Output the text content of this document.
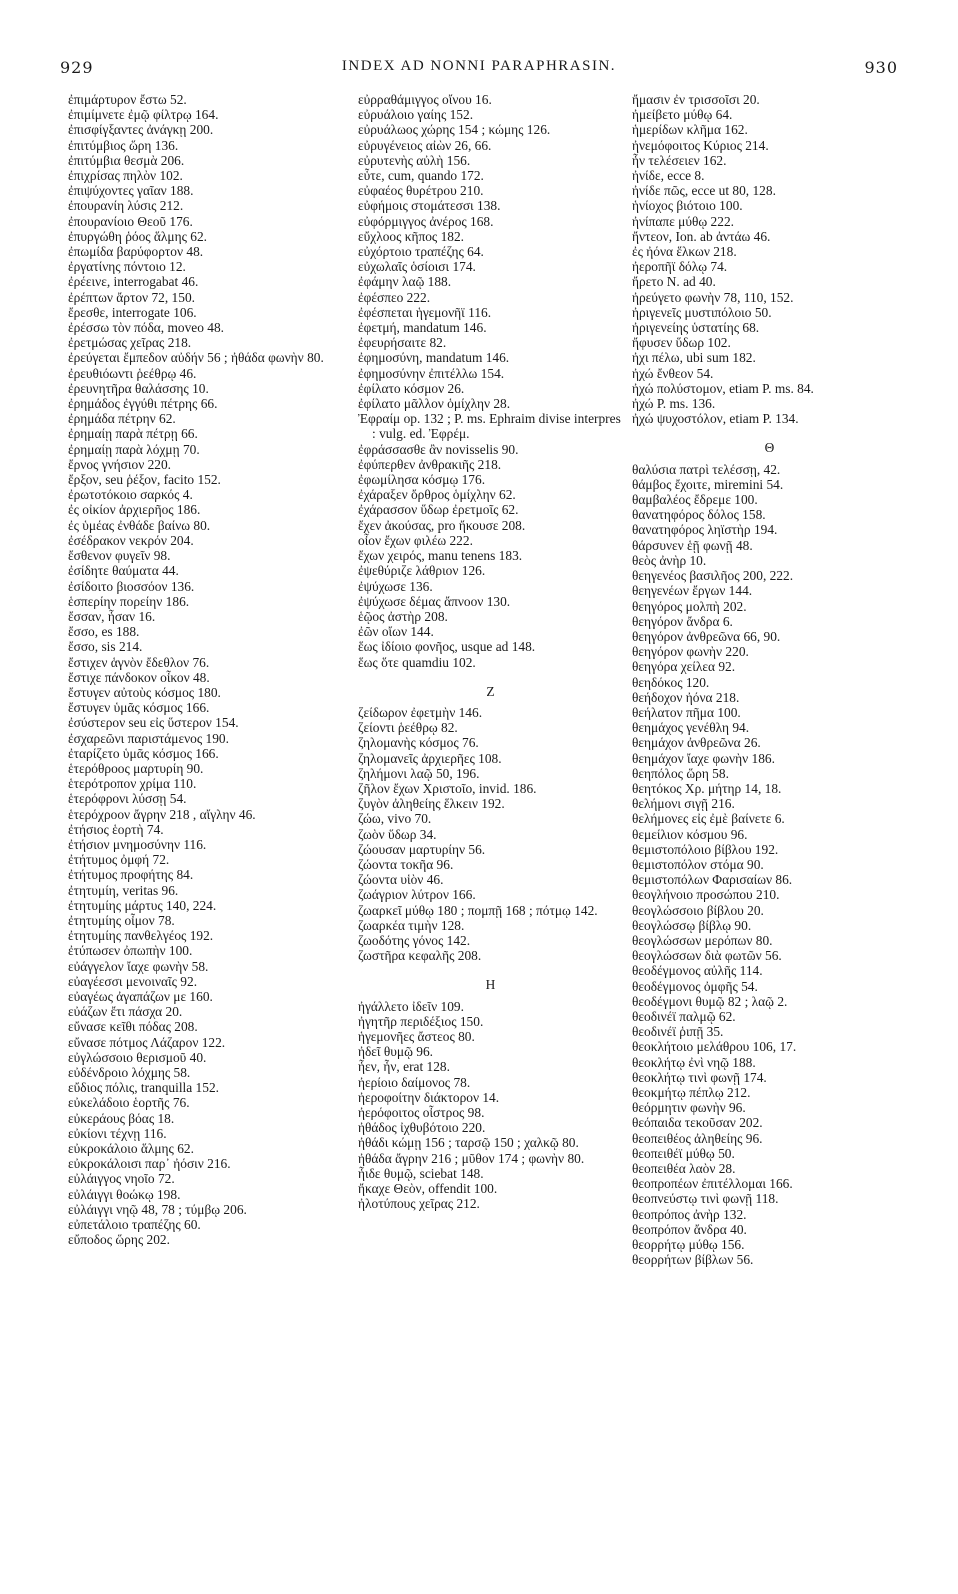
929	INDEX AD NONNI PARAPHRASIN.	930
ἐπιμάρτυρον ἔστω 52.
ἐπιμίμνετε ἐμῷ φίλτρῳ 164.
ἐπισφίγξαντες ἀνάγκῃ 200.
ἐπιτύμβιος ὥρη 136.
ἐπιτύμβια θεσμὰ 206.
ἐπιχρίσας πηλὸν 102.
ἐπιψύχοντες γαῖαν 188.
ἐπουρανίη λύσις 212.
ἐπουρανίοιο Θεοῦ 176.
ἐπυργώθη ῥόος ἅλμης 62.
ἐπωμίδα βαρύφορτον 48.
ἐργατίνης πόντοιο 12.
ἐρέεινε, interrogabat 46.
ἐρέπτων ἄρτον 72, 150.
ἔρεσθε, interrogate 106.
ἐρέσσω τὸν πόδα, moveo 48.
ἐρετμώσας χεῖρας 218.
ἐρεύγεται ἔμπεδον αὐδήν 56 ; ἠθάδα φωνὴν 80.
ἐρευθιόωντι ῥεέθρῳ 46.
ἐρευνητῆρα θαλάσσης 10.
ἐρημάδος ἐγγύθι πέτρης 66.
ἐρημάδα πέτρην 62.
ἐρημαίῃ παρὰ πέτρῃ 66.
ἐρημαίῃ παρὰ λόχμῃ 70.
ἔρνος γνήσιον 220.
ἔρξον, seu ῥέξον, facito 152.
ἐρωτοτόκοιο σαρκός 4.
ἐς οἰκίον ἀρχιερῆος 186.
ἐς ὑμέας ἐνθάδε βαίνω 80.
ἐσέδρακον νεκρόν 204.
ἔσθενον φυγεῖν 98.
ἐσίδητε θαύματα 44.
ἐσίδοιτο βιοσσόον 136.
ἑσπερίην πορείην 186.
ἔσσαν, ἦσαν 16.
ἔσσο, es 188.
ἔσσο, sis 214.
ἔστιχεν ἁγνὸν ἔδεθλον 76.
ἔστιχε πάνδοκον οἶκον 48.
ἔστυγεν αὐτοὺς κόσμος 180.
ἔστυγεν ὑμᾶς κόσμος 166.
ἐσύστερον seu εἰς ὕστερον 154.
ἐσχαρεῶνι παριστάμενος 190.
ἐταρίζετο ὑμᾶς κόσμος 166.
ἑτερόθροος μαρτυρίη 90.
ἑτερότροπον χρίμα 110.
ἑτερόφρονι λύσσῃ 54.
ἑτερόχροον ἄγρην 218 , αἴγλην 46.
ἐτήσιος ἑορτὴ 74.
ἐτήσιον μνημοσύνην 116.
ἐτήτυμος ὀμφή 72.
ἐτήτυμος προφήτης 84.
ἐτητυμίη, veritas 96.
ἐτητυμίης μάρτυς 140, 224.
ἐτητυμίης οἶμον 78.
ἐτητυμίης πανθελγέος 192.
ἐτύπωσεν ὀπωπὴν 100.
εὐάγγελον ἴαχε φωνὴν 58.
εὐαγέεσσι μενοιναῖς 92.
εὐαγέως ἀγαπάζων με 160.
εὐάζων ἔτι πάσχα 20.
εὔνασε κεῖθι πόδας 208.
εὔνασε πότμος Λάζαρον 122.
εὐγλώσσοιο θερισμοῦ 40.
εὐδένδροιο λόχμης 58.
εὔδιος πόλις, tranquilla 152.
εὐκελάδοιο ἑορτῆς 76.
εὐκεράους βόας 18.
εὐκίονι τέχνῃ 116.
εὐκροκάλοιο ἅλμης 62.
εὐκροκάλοισι παρ᾽ ἠόσιν 216.
εὐλάιγγος νηοῖο 72.
εὐλάιγγι θοώκῳ 198.
εὐλάιγγι νηῷ 48, 78 ; τύμβῳ 206.
εὐπετάλοιο τραπέζης 60.
εὔποδος ὥρης 202.
εὐρραθάμιγγος οἴνου 16.
εὐρυάλοιο γαίης 152.
εὐρυάλωος χώρης 154 ; κώμης 126.
εὐρυγένειος αἰὼν 26, 66.
εὐρυτενὴς αὐλὴ 156.
εὖτε, cum, quando 172.
εὐφαέος θυρέτρου 210.
εὐφήμοις στομάτεσσι 138.
εὐφόρμιγγος ἀνέρος 168.
εὔχλοος κῆπος 182.
εὐχόρτοιο τραπέζης 64.
εὐχωλαῖς ὁσίοισι 174.
ἐφάμην λαῷ 188.
ἐφέσπεο 222.
ἐφέσπεται ἡγεμονῆϊ 116.
ἐφετμή, mandatum 146.
ἐφευρήσαιτε 82.
ἐφημοσύνη, mandatum 146.
ἐφημοσύνην ἐπιτέλλω 154.
ἐφίλατο κόσμον 26.
ἐφίλατο μᾶλλον ὁμίχλην 28.
Ἐφραίμ op. 132 ; P. ms. Ephraim divise interpres : vulg. ed. Ἐφρέμ.
ἐφράσσασθε ἂν novisselis 90.
ἐφύπερθεν ἀνθρακιῆς 218.
ἐφωμίλησα κόσμῳ 176.
ἐχάραξεν ὄρθρος ὁμίχλην 62.
ἐχάρασσον ὕδωρ ἐρετμοῖς 62.
ἔχεν ἀκούσας, pro ἤκουσε 208.
οἶον ἔχων φιλέω 222.
ἔχων χειρός, manu tenens 183.
ἐψεθύριζε λάθριον 126.
ἐψύχωσε 136.
ἐψύχωσε δέμας ἄπνοον 130.
ἑῷος ἀστὴρ 208.
ἐῶν οἴων 144.
ἕως ἰδίοιο φονῆος, usque ad 148.
ἕως ὅτε quamdiu 102.
Z
ζείδωρον ἐφετμὴν 146.
ζείοντι ῥεέθρῳ 82.
ζηλομανὴς κόσμος 76.
ζηλομανεῖς ἀρχιερῆες 108.
ζηλήμονι λαῷ 50, 196.
ζῆλον ἔχων Χριστοῖο, invid. 186.
ζυγὸν ἀληθείης ἕλκειν 192.
ζώω, vivo 70.
ζωὸν ὕδωρ 34.
ζώουσαν μαρτυρίην 56.
ζώοντα τοκῆα 96.
ζώοντα υἱὸν 46.
ζωάγριον λύτρον 166.
ζωαρκεῖ μύθῳ 180 ; πομπῇ 168 ; πότμῳ 142.
ζωαρκέα τιμὴν 128.
ζωοδότης γόνος 142.
ζωστῆρα κεφαλῆς 208.
H
ἠγάλλετο ἰδεῖν 109.
ἠγητῆρ περιδέξιος 150.
ἡγεμονῆες ἄστεος 80.
ἠδεῖ θυμῷ 96.
ἦεν, ἦν, erat 128.
ἠερίοιο δαίμονος 78.
ἠεροφοίτην διάκτορον 14.
ἠερόφοιτος οἶστρος 98.
ἠθάδος ἰχθυβότοιο 220.
ἠθάδι κώμῃ 156 ; ταρσῷ 150 ; χαλκῷ 80.
ἠθάδα ἄγρην 216 ; μῦθον 174 ; φωνὴν 80.
ἦιδε θυμῷ, sciebat 148.
ἤκαχε Θεὸν, offendit 100.
ἠλοτύπους χεῖρας 212.
ἤμασιν ἐν τρισσοῖσι 20.
ἠμείβετο μύθῳ 64.
ἡμερίδων κλῆμα 162.
ἠνεμόφοιτος Κύριος 214.
ἦν τελέσειεν 162.
ἠνίδε, ecce 8.
ἠνίδε πῶς, ecce ut 80, 128.
ἡνίοχος βιότοιο 100.
ἠνίπαπε μύθῳ 222.
ἤντεον, Ion. ab ἀντάω 46.
ἐς ἠόνα ἕλκων 218.
ἠεροπῆϊ δόλῳ 74.
ἤρετο N. ad 40.
ἠρεύγετο φωνὴν 78, 110, 152.
ἠριγενεῖς μυστιπόλοιο 50.
ἠριγενείης ὑστατίης 68.
ἤφυσεν ὕδωρ 102.
ἠχι πέλω, ubi sum 182.
ἠχώ ἔνθεον 54.
ἠχώ πολύστομον, etiam P. ms. 84.
ἠχώ P. ms. 136.
ἠχώ ψυχοστόλον, etiam P. 134.
Θ
θαλύσια πατρὶ τελέσσῃ, 42.
θάμβος ἔχοιτε, miremini 54.
θαμβαλέος ἔδρεμε 100.
θανατηφόρος δόλος 158.
θανατηφόρος ληϊστὴρ 194.
θάρσυνεν ἑῇ φωνῇ 48.
θεὸς ἀνὴρ 10.
θεηγενέος βασιλῆος 200, 222.
θεηγενέων ἔργων 144.
θεηγόρος μολπὴ 202.
θεηγόρον ἄνδρα 6.
θεηγόρον ἀνθρεῶνα 66, 90.
θεηγόρον φωνὴν 220.
θεηγόρα χείλεα 92.
θεηδόκος 120.
θεήδοχον ἠόνα 218.
θεήλατον πῆμα 100.
θεημάχος γενέθλη 94.
θεημάχον ἀνθρεῶνα 26.
θεημάχον ἴαχε φωνὴν 186.
θεηπόλος ὥρη 58.
θεητόκος Χρ. μήτηρ 14, 18.
θελήμονι σιγῇ 216.
θελήμονες εἰς ἐμὲ βαίνετε 6.
θεμείλιον κόσμου 96.
θεμιστοπόλοιο βίβλου 192.
θεμιστοπόλον στόμα 90.
θεμιστοπόλων Φαρισαίων 86.
θεογλήνοιο προσώπου 210.
θεογλώσσοιο βίβλου 20.
θεογλώσσῳ βίβλῳ 90.
θεογλώσσων μερόπων 80.
θεογλώσσων διὰ φωτῶν 56.
θεοδέγμονος αὐλῆς 114.
θεοδέγμονος ὀμφῆς 54.
θεοδέγμονι θυμῷ 82 ; λαῷ 2.
θεοδινέϊ παλμῷ 62.
θεοδινέϊ ῥιπῇ 35.
θεοκλήτοιο μελάθρου 106, 17.
θεοκλήτῳ ἐνὶ νηῷ 188.
θεοκλήτῳ τινὶ φωνῇ 174.
θεοκμήτῳ πέπλῳ 212.
θεόρμητιν φωνὴν 96.
θεόπαιδα τεκοῦσαν 202.
θεοπειθέος ἀληθείης 96.
θεοπειθέϊ μύθῳ 50.
θεοπειθέα λαὸν 28.
θεοπροπέων ἐπιτέλλομαι 166.
θεοπνεύστῳ τινὶ φωνῇ 118.
θεοπρόπος ἀνὴρ 132.
θεοπρόπον ἄνδρα 40.
θεορρήτῳ μύθῳ 156.
θεορρήτων βίβλων 56.
